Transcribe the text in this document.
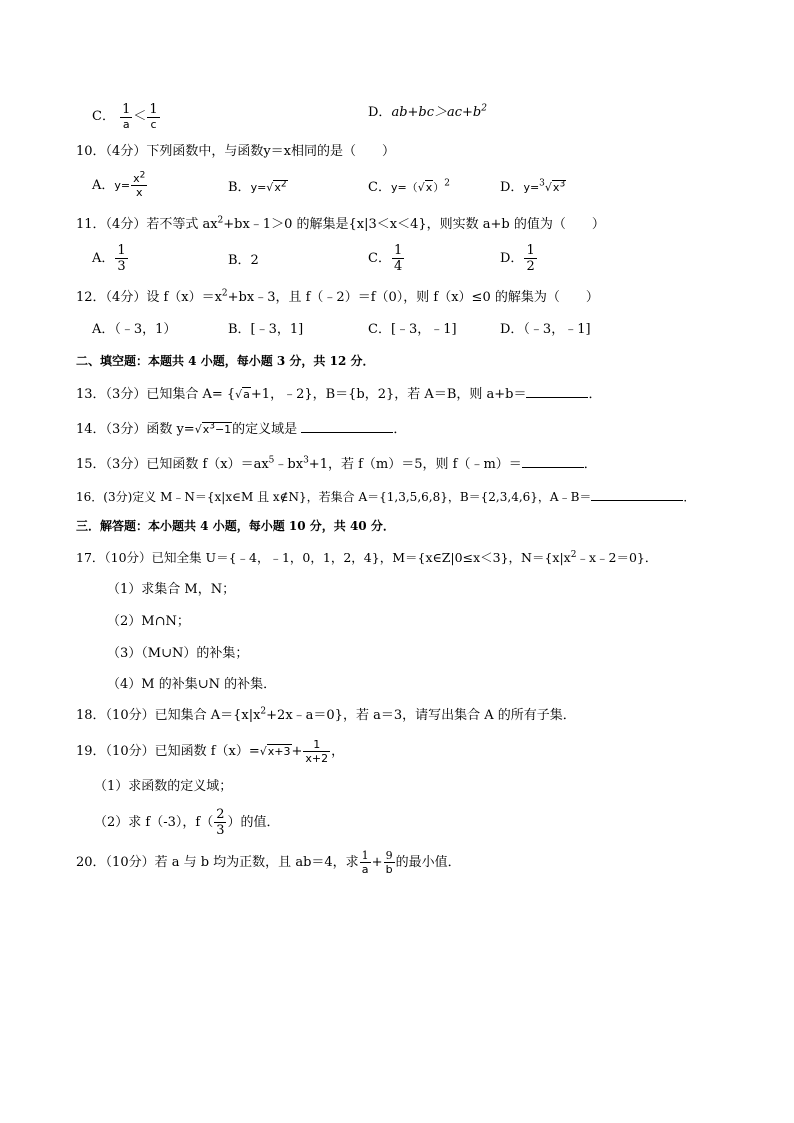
C． 1
a
＜ 1
c
D．$ab+bc>ac+b^2$
10．（4分）下列函数中，与函数y＝x相同的是（　　）
A．$y= \frac{x^2}{x}$	B．$y=√x^2$	C．$y=(√x)^2$	D．$y=^3√x^3$
11．（4分）若不等式 $ax^2+bx﹣1>0$ 的解集是{x|3＜x＜4}，则实数 a+b 的值为（　　）
A． $\frac{1}{3}$	B．2	C． $\frac{1}{4}$	D． $\frac{1}{2}$
12．（4分）设 $f(x)=x^2+bx﹣3$，且 f（﹣2）＝f（0），则 f（x）≤0 的解集为（　　）
A．（﹣3，1）	B．[﹣3，1]	C．[﹣3，﹣1]	D．（﹣3，﹣1]
二、填空题：本题共 4 小题，每小题 3 分，共 12 分．
13．（3分）已知集合 A= {√a+1，﹣2}，B＝{b，2}，若 A＝B，则 a+b＝	．
14．（3分）函数 $y=√x^3-1$的定义域是	．
15．（3分）已知函数 $f(x)=ax^5﹣bx^3+1$，若 f（m）＝5，则 f（﹣m）＝	．
16．(3分)定义 M﹣N＝{x|x∈M 且 x∉N}，若集合 A＝{1,3,5,6,8}，B＝{2,3,4,6}，A﹣B＝	．
三．解答题：本小题共 4 小题，每小题 10 分，共 40 分．
17．（10分）已知全集 U＝{﹣4，﹣1，0，1，2，4}，M＝{x∈Z|0≤x＜3}，$N=\{x|x^2﹣x﹣2=0\}$．
（1）求集合 M，N；
（2）M∩N；
（3）（M∪N）的补集；
（4）M 的补集∪N 的补集．
18．（10分）已知集合 $A=\{x|x^2+2x﹣a=0\}$，若 a＝3，请写出集合 A 的所有子集．
19．（10分）已知函数 $f(x)=√x+3+ \frac{1}{x+2}$ ，
（1）求函数的定义域；
（2）求 f（-3），$f( \frac{2}{3}$ ）的值．
20．（10分）若 a 与 b 均为正数，且 ab＝4，求 $\frac{1}{a} + \frac{9}{b}$ 的最小值．
